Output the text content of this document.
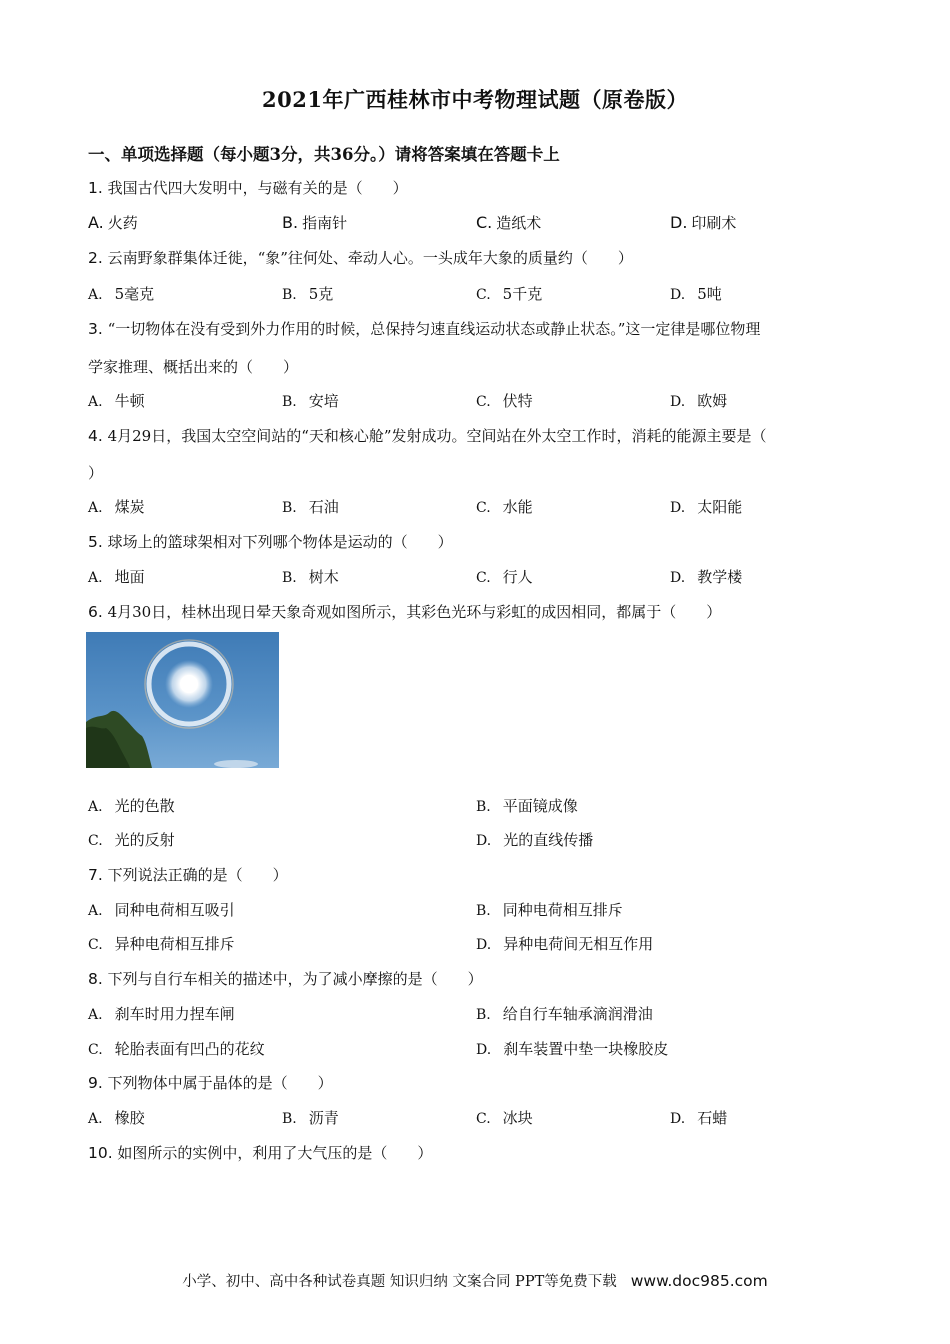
2021年广西桂林市中考物理试题（原卷版）
一、单项选择题（每小题3分，共36分。）请将答案填在答题卡上
1. 我国古代四大发明中，与磁有关的是（　　）
A. 火药	B. 指南针	C. 造纸术	D. 印刷术
2. 云南野象群集体迁徙，“象”往何处、牵动人心。一头成年大象的质量约（　　）
A. 5毫克	B. 5克	C. 5千克	D. 5吨
3. “一切物体在没有受到外力作用的时候，总保持匀速直线运动状态或静止状态。”这一定律是哪位物理
学家推理、概括出来的（　　）
A. 牛顿	B. 安培	C. 伏特	D. 欧姆
4. 4月29日，我国太空空间站的“天和核心舱”发射成功。空间站在外太空工作时，消耗的能源主要是（
）
A. 煤炭	B. 石油	C. 水能	D. 太阳能
5. 球场上的篮球架相对下列哪个物体是运动的（　　）
A. 地面	B. 树木	C. 行人	D. 教学楼
6. 4月30日，桂林出现日晕天象奇观如图所示，其彩色光环与彩虹的成因相同，都属于（　　）
A. 光的色散	B. 平面镜成像
C. 光的反射	D. 光的直线传播
7. 下列说法正确的是（　　）
A. 同种电荷相互吸引	B. 同种电荷相互排斥
C. 异种电荷相互排斥	D. 异种电荷间无相互作用
8. 下列与自行车相关的描述中，为了减小摩擦的是（　　）
A. 刹车时用力捏车闸	B. 给自行车轴承滴润滑油
C. 轮胎表面有凹凸的花纹	D. 刹车装置中垫一块橡胶皮
9. 下列物体中属于晶体的是（　　）
A. 橡胶	B. 沥青	C. 冰块	D. 石蜡
10. 如图所示的实例中，利用了大气压的是（　　）
小学、初中、高中各种试卷真题 知识归纳 文案合同 PPT等免费下载 www.doc985.com
